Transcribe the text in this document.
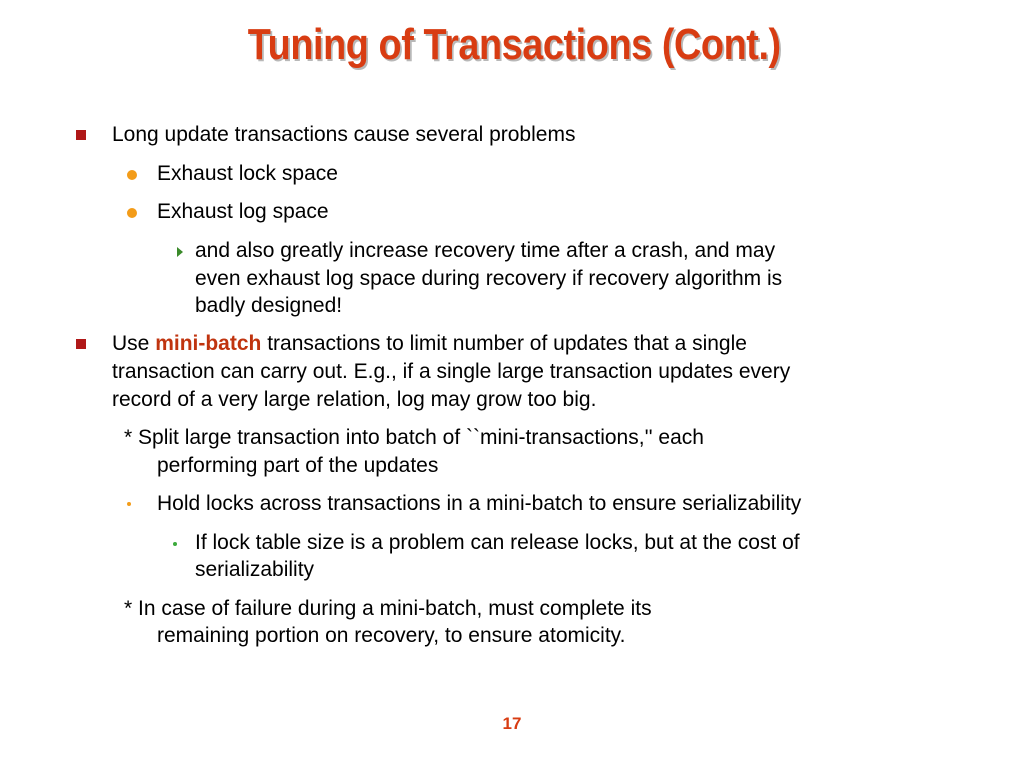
Tuning of Transactions (Cont.)
Long update transactions cause several problems
Exhaust lock space
Exhaust log space
and also greatly increase recovery time after a crash, and may
even exhaust log space during recovery if recovery algorithm is
badly designed!
Use mini-batch transactions to limit number of updates that a single
transaction can carry out. E.g., if a single large transaction updates every
record of a very large relation, log may grow too big.
* Split large transaction into batch of ``mini-transactions,'' each
performing part of the updates
Hold locks across transactions in a mini-batch to ensure serializability
If lock table size is a problem can release locks, but at the cost of
serializability
* In case of failure during a mini-batch, must complete its
remaining portion on recovery, to ensure atomicity.
17
